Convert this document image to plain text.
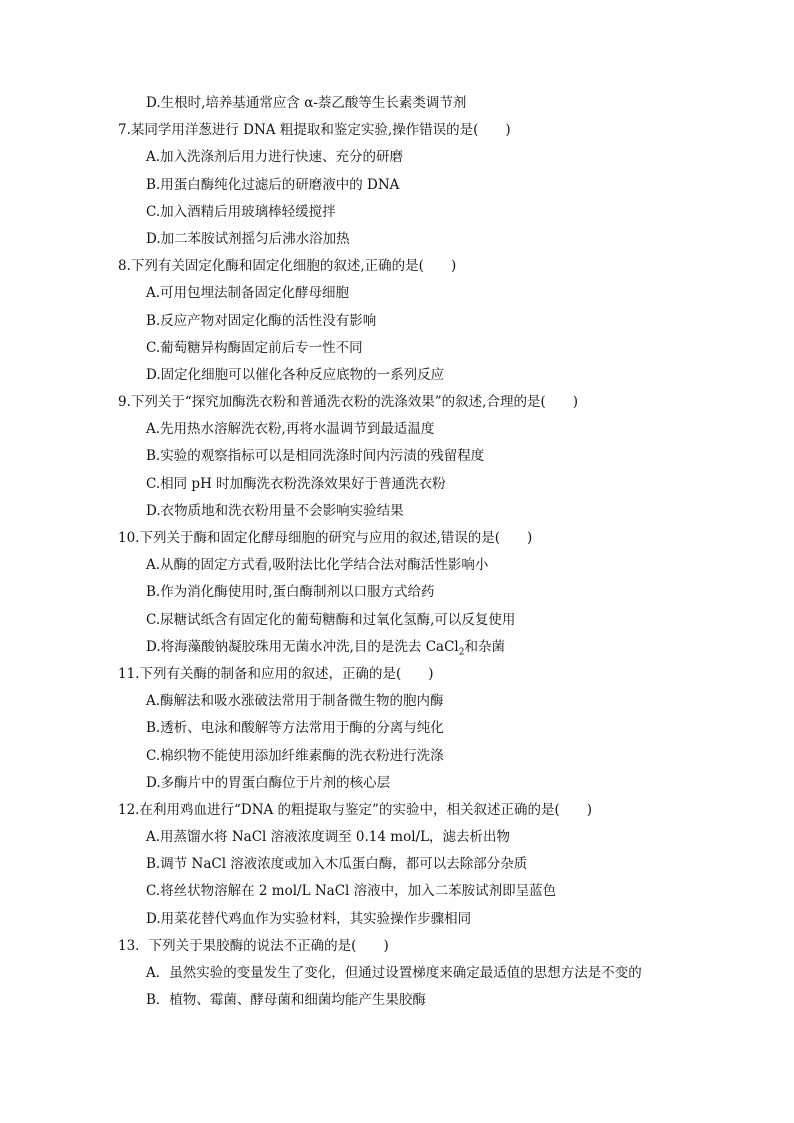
D.生根时,培养基通常应含 α-萘乙酸等生长素类调节剂
7.某同学用洋葱进行 DNA 粗提取和鉴定实验,操作错误的是(　　)
A.加入洗涤剂后用力进行快速、充分的研磨
B.用蛋白酶纯化过滤后的研磨液中的 DNA
C.加入酒精后用玻璃棒轻缓搅拌
D.加二苯胺试剂摇匀后沸水浴加热
8.下列有关固定化酶和固定化细胞的叙述,正确的是(　　)
A.可用包埋法制备固定化酵母细胞
B.反应产物对固定化酶的活性没有影响
C.葡萄糖异构酶固定前后专一性不同
D.固定化细胞可以催化各种反应底物的一系列反应
9.下列关于“探究加酶洗衣粉和普通洗衣粉的洗涤效果”的叙述,合理的是(　　)
A.先用热水溶解洗衣粉,再将水温调节到最适温度
B.实验的观察指标可以是相同洗涤时间内污渍的残留程度
C.相同 pH 时加酶洗衣粉洗涤效果好于普通洗衣粉
D.衣物质地和洗衣粉用量不会影响实验结果
10.下列关于酶和固定化酵母细胞的研究与应用的叙述,错误的是(　　)
A.从酶的固定方式看,吸附法比化学结合法对酶活性影响小
B.作为消化酶使用时,蛋白酶制剂以口服方式给药
C.尿糖试纸含有固定化的葡萄糖酶和过氧化氢酶,可以反复使用
D.将海藻酸钠凝胶珠用无菌水冲洗,目的是洗去 CaCl$_2$和杂菌
11.下列有关酶的制备和应用的叙述，正确的是(　　)
A.酶解法和吸水涨破法常用于制备微生物的胞内酶
B.透析、电泳和酸解等方法常用于酶的分离与纯化
C.棉织物不能使用添加纤维素酶的洗衣粉进行洗涤
D.多酶片中的胃蛋白酶位于片剂的核心层
12.在利用鸡血进行“DNA 的粗提取与鉴定”的实验中，相关叙述正确的是(　　)
A.用蒸馏水将 NaCl 溶液浓度调至 0.14 mol/L，滤去析出物
B.调节 NaCl 溶液浓度或加入木瓜蛋白酶，都可以去除部分杂质
C.将丝状物溶解在 2 mol/L NaCl 溶液中，加入二苯胺试剂即呈蓝色
D.用菜花替代鸡血作为实验材料，其实验操作步骤相同
13．下列关于果胶酶的说法不正确的是(　　)
A．虽然实验的变量发生了变化，但通过设置梯度来确定最适值的思想方法是不变的
B．植物、霉菌、酵母菌和细菌均能产生果胶酶
